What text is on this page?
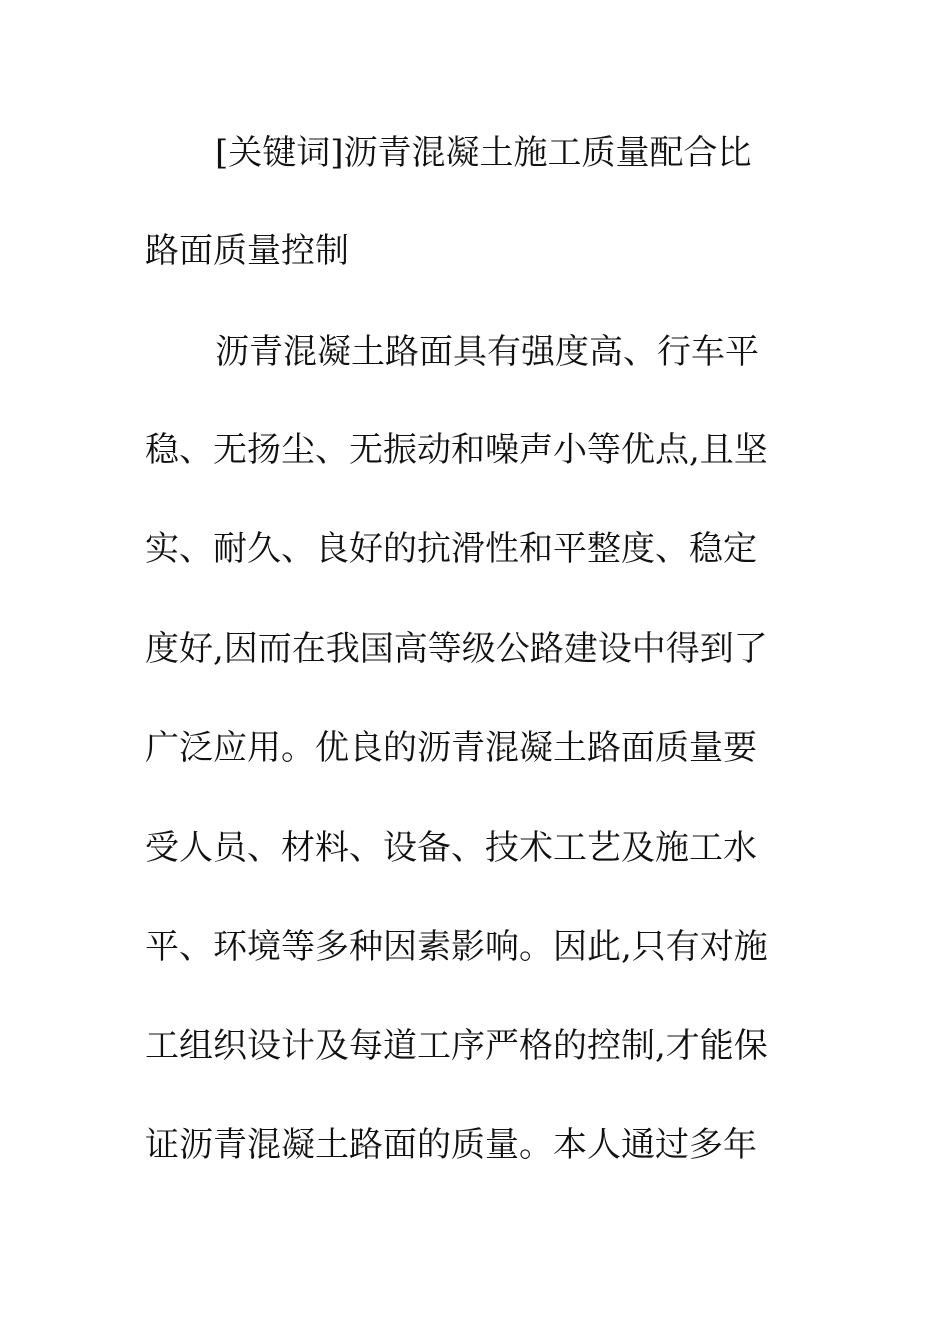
[关键词]沥青混凝土施工质量配合比
路面质量控制
沥青混凝土路面具有强度高、行车平
稳、无扬尘、无振动和噪声小等优点,且坚
实、耐久、良好的抗滑性和平整度、稳定
度好,因而在我国高等级公路建设中得到了
广泛应用。优良的沥青混凝土路面质量要
受人员、材料、设备、技术工艺及施工水
平、环境等多种因素影响。因此,只有对施
工组织设计及每道工序严格的控制,才能保
证沥青混凝土路面的质量。本人通过多年
